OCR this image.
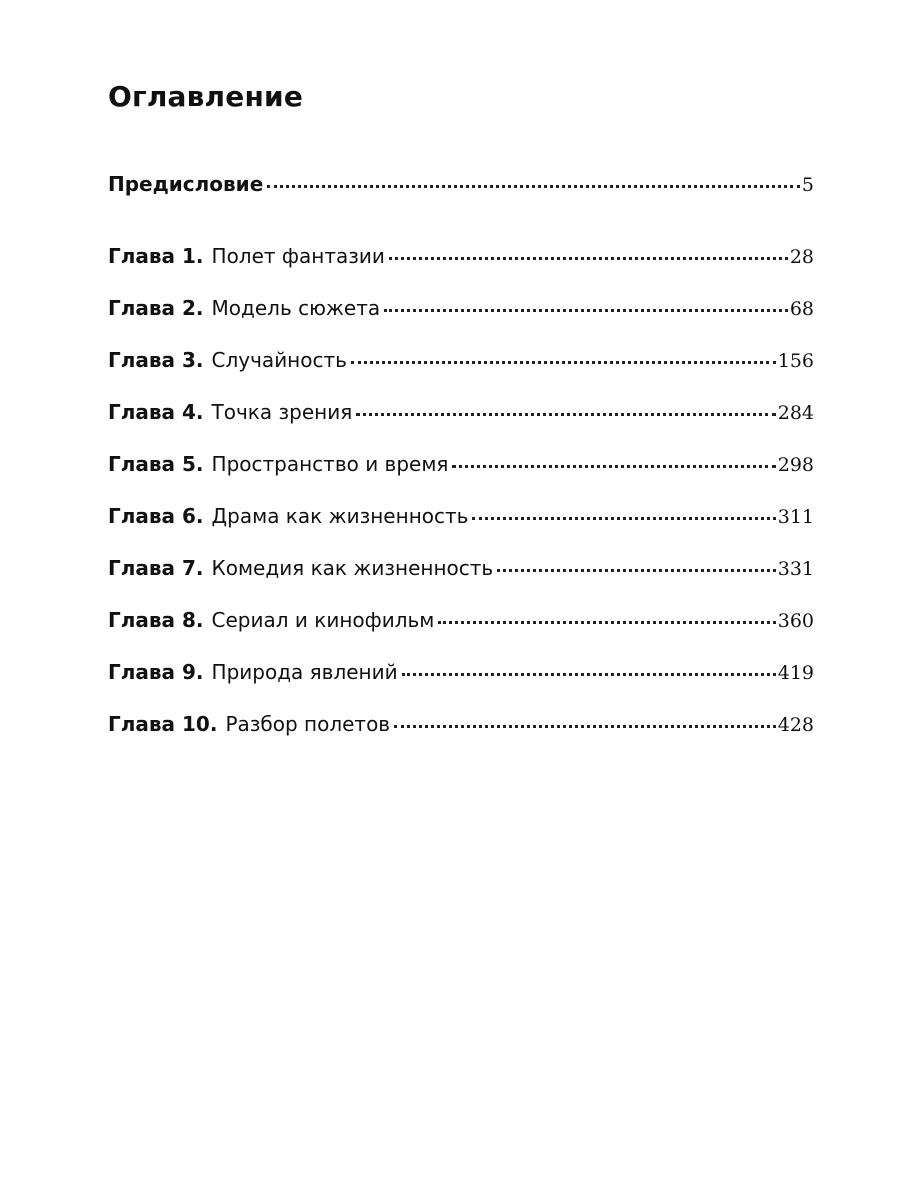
Оглавление
Предисловие	5
Глава 1. Полет фантазии	28
Глава 2. Модель сюжета	68
Глава 3. Случайность	156
Глава 4. Точка зрения	284
Глава 5. Пространство и время	298
Глава 6. Драма как жизненность	311
Глава 7. Комедия как жизненность	331
Глава 8. Сериал и кинофильм	360
Глава 9. Природа явлений	419
Глава 10. Разбор полетов	428
